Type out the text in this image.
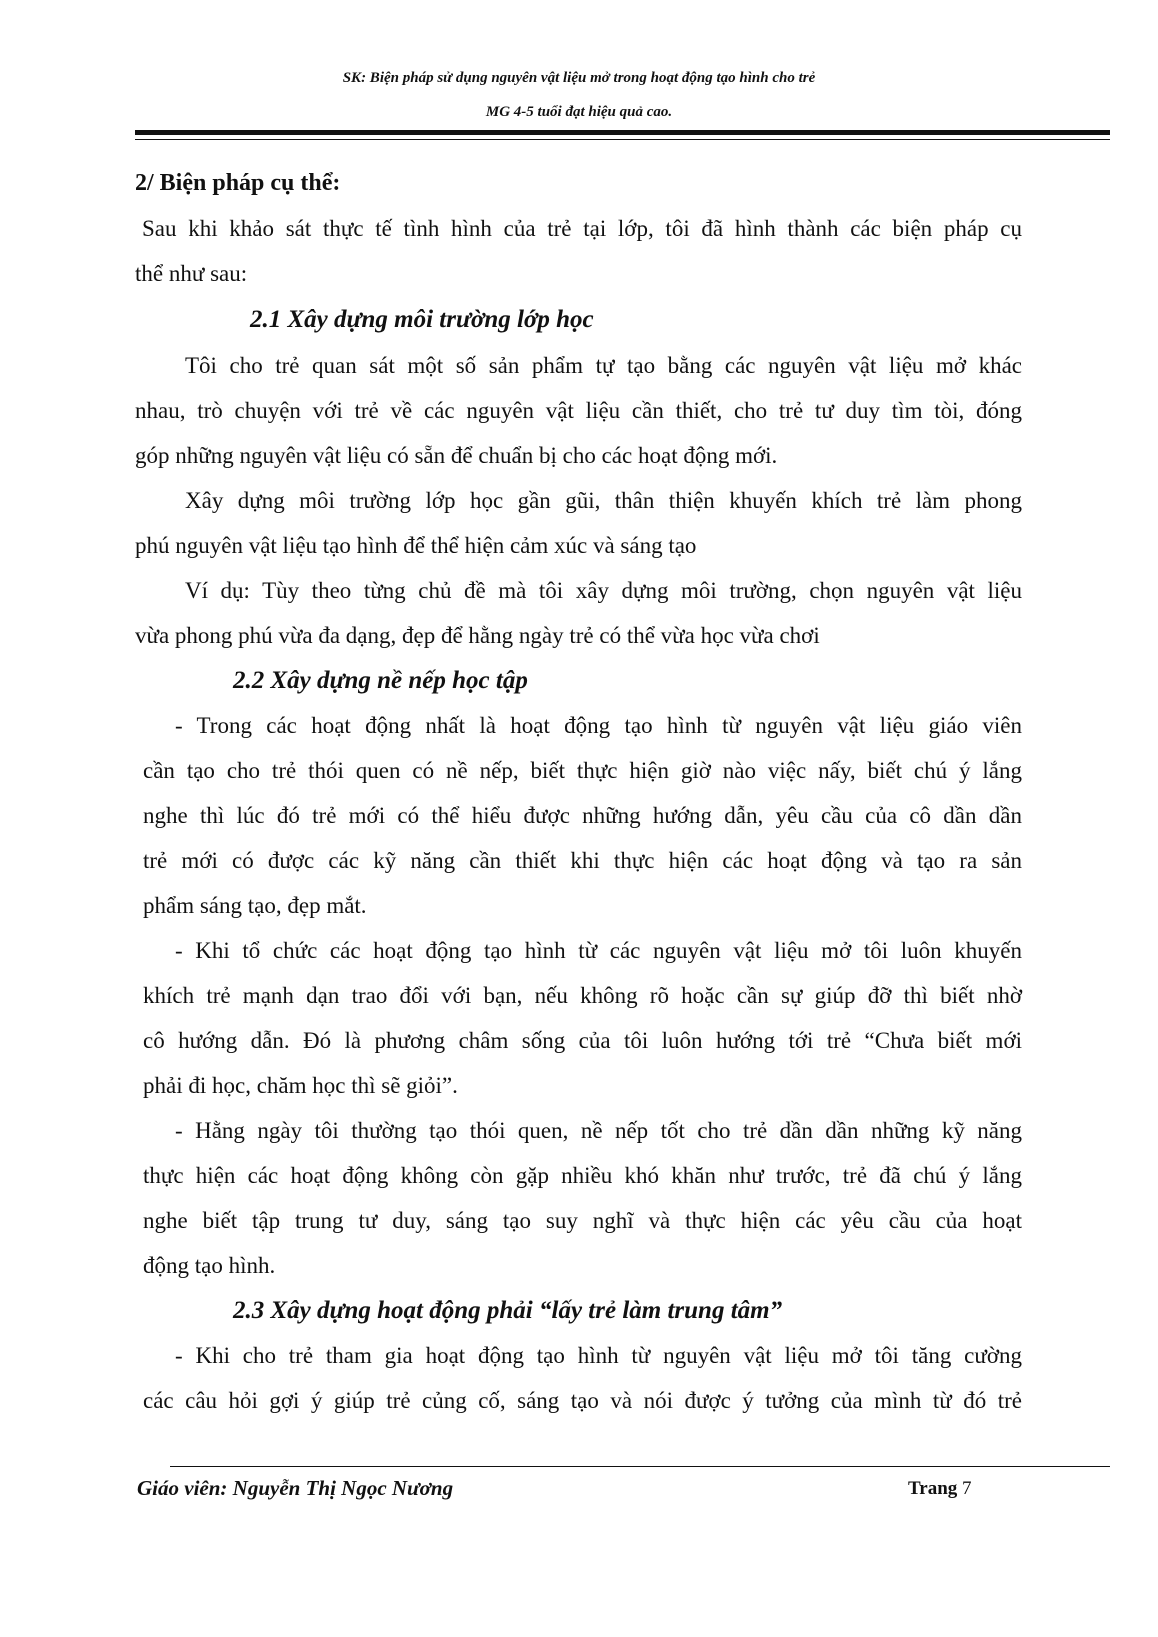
SK: Biện pháp sử dụng nguyên vật liệu mở trong hoạt động tạo hình cho trẻ
MG 4-5 tuổi đạt hiệu quả cao.
2/ Biện pháp cụ thể:
Sau khi khảo sát thực tế tình hình của trẻ tại lớp, tôi đã hình thành các biện pháp cụ
thể như sau:
2.1 Xây dựng môi trường lớp học
Tôi cho trẻ quan sát một số sản phẩm tự tạo bằng các nguyên vật liệu mở khác
nhau, trò chuyện với trẻ về các nguyên vật liệu cần thiết, cho trẻ tư duy tìm tòi, đóng
góp những nguyên vật liệu có sẵn để chuẩn bị cho các hoạt động mới.
Xây dựng môi trường lớp học gần gũi, thân thiện khuyến khích trẻ làm phong
phú nguyên vật liệu tạo hình để thể hiện cảm xúc và sáng tạo
Ví dụ: Tùy theo từng chủ đề mà tôi xây dựng môi trường, chọn nguyên vật liệu
vừa phong phú vừa đa dạng, đẹp để hằng ngày trẻ có thể vừa học vừa chơi
2.2 Xây dựng nề nếp học tập
- Trong các hoạt động nhất là hoạt động tạo hình từ nguyên vật liệu giáo viên
cần tạo cho trẻ thói quen có nề nếp, biết thực hiện giờ nào việc nấy, biết chú ý lắng
nghe thì lúc đó trẻ mới có thể hiểu được những hướng dẫn, yêu cầu của cô dần dần
trẻ mới có được các kỹ năng cần thiết khi thực hiện các hoạt động và tạo ra sản
phẩm sáng tạo, đẹp mắt.
- Khi tổ chức các hoạt động tạo hình từ các nguyên vật liệu mở tôi luôn khuyến
khích trẻ mạnh dạn trao đổi với bạn, nếu không rõ hoặc cần sự giúp đỡ thì biết nhờ
cô hướng dẫn. Đó là phương châm sống của tôi luôn hướng tới trẻ “Chưa biết mới
phải đi học, chăm học thì sẽ giỏi”.
- Hằng ngày tôi thường tạo thói quen, nề nếp tốt cho trẻ dần dần những kỹ năng
thực hiện các hoạt động không còn gặp nhiều khó khăn như trước, trẻ đã chú ý lắng
nghe biết tập trung tư duy, sáng tạo suy nghĩ và thực hiện các yêu cầu của hoạt
động tạo hình.
2.3 Xây dựng hoạt động phải “lấy trẻ làm trung tâm”
- Khi cho trẻ tham gia hoạt động tạo hình từ nguyên vật liệu mở tôi tăng cường
các câu hỏi gợi ý giúp trẻ củng cố, sáng tạo và nói được ý tưởng của mình từ đó trẻ
Giáo viên: Nguyễn Thị Ngọc Nương	Trang 7
